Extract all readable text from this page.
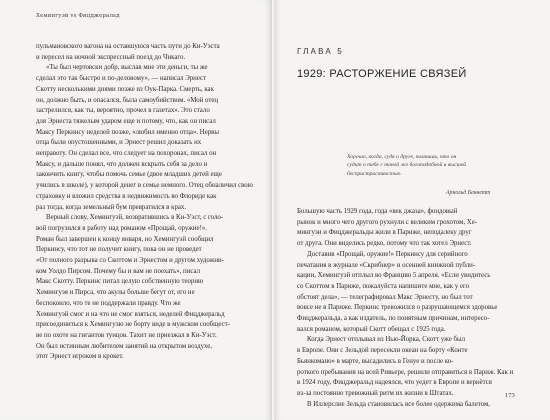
Хемингуэй vs Фицджеральд

пульмановского вагона на оставшуюся часть пути до Ки-Уэста
и пересел на ночной экспрессный поезд до Чикаго.

«Ты был чертовски добр, выслав мне эти деньги, ты же
сделал это так быстро и по-деловому», — написал Эрнест
Скотту несколькими днями позже из Оук-Парка. Смерть, как
он, должно быть, и опасался, была самоубийством. «Мой отец
застрелился, как ты, вероятно, прочел в газетах». Это стало
для Эрнеста тяжелым ударом еще и потому, что, как он писал
Максу Перкинсу неделей позже, «любил именно отца». Нервы
отца были опустошенными, и Эрнест решил доказать их
неправоту. Он сделал все, что следует на похоронах, писал он
Максу, и дальше понял, что должен вскрыть себя за дело и
закончить книгу, чтобы помочь семье (двое младших детей еще
учились в школе), у которой денег в семье немного. Отец обналичил свою
страховку и вложил средства в недвижимость во Флориде как
раз тогда, когда земельный бум превратился в крах.

Верный слову, Хемингуэй, возвратившись в Ки-Уэст, с голо-
вой погрузился в работу над романом «Прощай, оружие!».
Роман был завершен к концу января, но Хемингуэй сообщил
Перкинсу, что тот не получит книгу, пока он не проведет
«От полного разрыва со Скоттом и Эрнестом и другом художни-
ком Уолдо Пирсом. Почему бы и вам не поехать», писал
Макс Скотту. Перкинс питал целую собственную теорию
Хемингуэя и Пирса, что акулы больше бегут от, его не
беспокоило, что те не поддержали правду. Что же
Хемингуэй смог и на что не смог взяться, неделей Фицджеральд
присоединиться к Хемингуэю не борту виде в мужском сообщест-
ве по охоте на гигантов тунцов. Тахит не приезжал в Ки-Уэст.
Он был истинным любителем занятий на открытом воздухе,
этот Эрнест игроком в крокет.

ГЛАВА 5
1929: РАСТОРЖЕНИЕ СВЯЗЕЙ

Хорошо, когда, судя о друге, помнишь, что он

судит о тебе с такой же богоподобной и высшей

беспристрастностью.

Арнольд Беннетт

Большую часть 1929 года, года «век джаза», фондовый
рынок и много чего другого рухнули с великим грохотом, Хе-
мингуэи и Фицджеральды жили в Париже, неподалеку друг
от друга. Они виделись редко, потому что так хотел Эрнест.

Доставив «Прощай, оружие!» Перкинсу для серийного
печатания в журнале «Скрибнер» и осенней книжной публи-
кации, Хемингуэй отплыл во Францию 5 апреля. «Если увидитесь
со Скоттом в Париже, пожалуйста напишите мне, как у его
обстоят дела», — телеграфировал Макс Эрнесту, но был тот
вовсе не в Париже. Перкинс тревожился о разрушающемся здоровье
Фицджеральда, а как издатель, по понятным причинам, интересо-
вался романом, который Скотт обещал с 1925 года.

Когда Эрнест отплывал из Нью-Йорка, Скотт уже был
в Европе. Они с Зельдой пересекли океан на борту «Конте
Бьянкомано» в марте, высадились в Генуе и после ко-
роткого пребывания на всей Ривьере, решили отправиться в Париж. Как и
в 1924 году, Фицджеральд надеялся, что уедет в Европе и вернётся
из-за постоянно тревожный ритм их жизни в Штатах.

В Иллерслие Зельда становилась все более одержима балетом,

173
